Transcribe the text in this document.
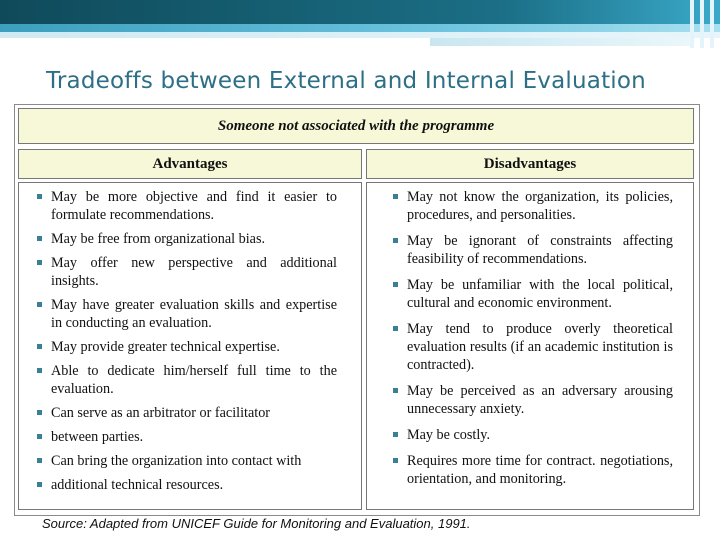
Tradeoffs between External and Internal Evaluation
Someone not associated with the programme
Advantages	Disadvantages
May be more objective and find it easier to formulate recommendations.
May be free from organizational bias.
May offer new perspective and additional insights.
May have greater evaluation skills and expertise in conducting an evaluation.
May provide greater technical expertise.
Able to dedicate him/herself full time to the evaluation.
Can serve as an arbitrator or facilitator
between parties.
Can bring the organization into contact with
additional technical resources.
May not know the organization, its policies, procedures, and personalities.
May be ignorant of constraints affecting feasibility of recommendations.
May be unfamiliar with the local political, cultural and economic environment.
May tend to produce overly theoretical evaluation results (if an academic institution is contracted).
May be perceived as an adversary arousing unnecessary anxiety.
May be costly.
Requires more time for contract. negotiations, orientation, and monitoring.
Source: Adapted from UNICEF Guide for Monitoring and Evaluation, 1991.
